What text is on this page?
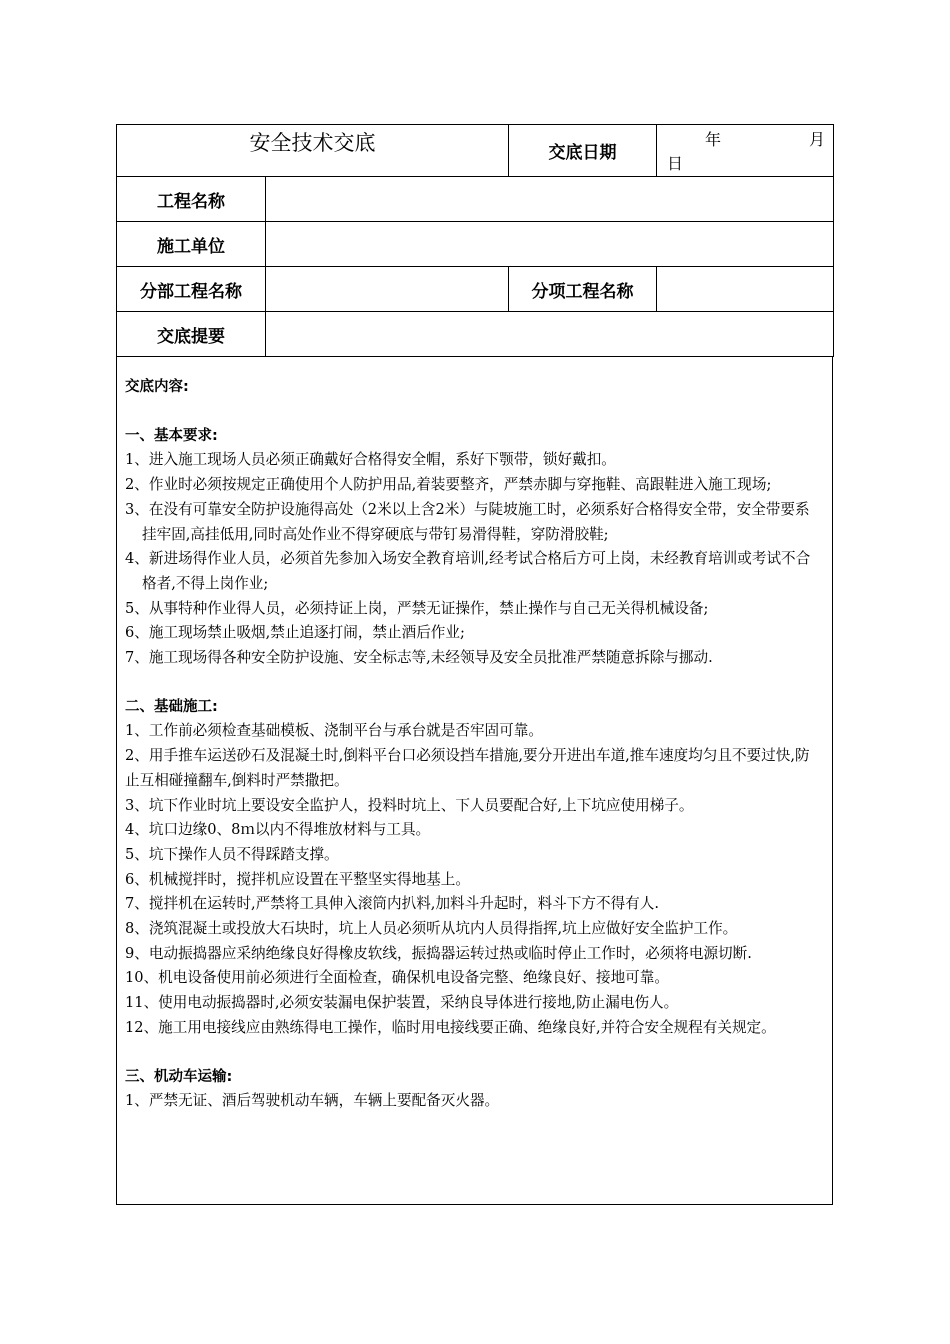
安全技术交底		交底日期	年 月
日

工程名称			
施工单位			
分部工程名称		分项工程名称	
交底提要			

交底内容:

一、基本要求:

1、进入施工现场人员必须正确戴好合格得安全帽，系好下颚带，锁好戴扣。

2、作业时必须按规定正确使用个人防护用品,着装要整齐，严禁赤脚与穿拖鞋、高跟鞋进入施工现场;

3、在没有可靠安全防护设施得高处（2米以上含2米）与陡坡施工时，必须系好合格得安全带，安全带要系挂牢固,高挂低用,同时高处作业不得穿硬底与带钉易滑得鞋，穿防滑胶鞋;

4、新进场得作业人员，必须首先参加入场安全教育培训,经考试合格后方可上岗，未经教育培训或考试不合格者,不得上岗作业;

5、从事特种作业得人员，必须持证上岗，严禁无证操作，禁止操作与自己无关得机械设备;

6、施工现场禁止吸烟,禁止追逐打闹，禁止酒后作业;

7、施工现场得各种安全防护设施、安全标志等,未经领导及安全员批准严禁随意拆除与挪动.

二、基础施工:

1、工作前必须检查基础模板、浇制平台与承台就是否牢固可靠。

2、用手推车运送砂石及混凝土时,倒料平台口必须设挡车措施,要分开进出车道,推车速度均匀且不要过快,防止互相碰撞翻车,倒料时严禁撒把。

3、坑下作业时坑上要设安全监护人，投料时坑上、下人员要配合好,上下坑应使用梯子。

4、坑口边缘0、8ｍ以内不得堆放材料与工具。

5、坑下操作人员不得踩踏支撑。

6、机械搅拌时，搅拌机应设置在平整坚实得地基上。

7、搅拌机在运转时,严禁将工具伸入滚筒内扒料,加料斗升起时，料斗下方不得有人.

8、浇筑混凝土或投放大石块时，坑上人员必须听从坑内人员得指挥,坑上应做好安全监护工作。

9、电动振捣器应采纳绝缘良好得橡皮软线，振捣器运转过热或临时停止工作时，必须将电源切断.

10、机电设备使用前必须进行全面检查，确保机电设备完整、绝缘良好、接地可靠。

11、使用电动振捣器时,必须安装漏电保护装置，采纳良导体进行接地,防止漏电伤人。

12、施工用电接线应由熟练得电工操作，临时用电接线要正确、绝缘良好,并符合安全规程有关规定。

三、机动车运输:

1、严禁无证、酒后驾驶机动车辆，车辆上要配备灭火器。
